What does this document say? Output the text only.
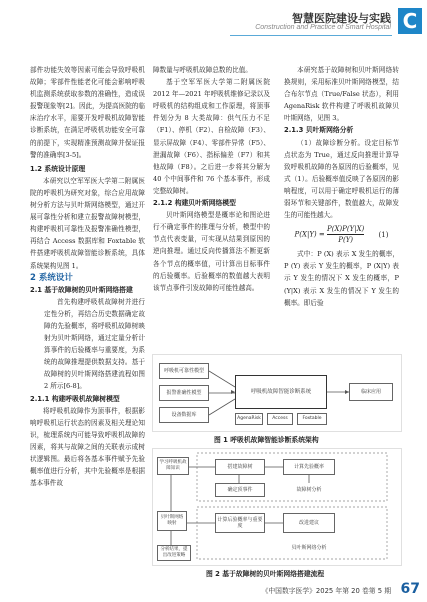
智慧医院建设与实践
Construction and Practice of Smart Hospital C

部件功能失效等因素可能会导致呼吸机故障；零部件性能老化可能会影响呼吸机监测系统获取参数的准确性，造成误报警现象等[2]。因此，为提高医院的临床治疗水平，需要开发呼吸机故障智能诊断系统，在满足呼吸机功能安全可靠的前提下，实现精准预测故障并保证报警的准确率[3-5]。

1.2 系统设计原理

本研究以空军军医大学第二附属医院的呼吸机为研究对象，综合应用故障树分析方法与贝叶斯网络模型，通过开展可靠性分析和建立报警故障树模型，构建呼吸机可靠性及报警准确性模型，再结合 Access 数据库和 Foxtable 软件搭建呼吸机故障智能诊断系统，具体系统架构见图 1。

2 系统设计

2.1 基于故障树的贝叶斯网络搭建

首先构建呼吸机故障树并进行定性分析，再结合历史数据确定故障的先验概率，将呼吸机故障树映射为贝叶斯网络，通过定量分析计算事件的后验概率与重要度，为系统的故障推理提供数据支持。基于故障树的贝叶斯网络搭建流程如图 2 所示[6-8]。

2.1.1 构建呼吸机故障树模型

将呼吸机故障作为顶事件，根据影响呼吸机运行状态的因素及相关理论知识，梳理系统内可能导致呼吸机故障的因素，将其与故障之间的关联表示成树状逻辑图。最后将各基本事件赋予先验概率值进行分析，其中先验概率是根据基本事件故

障数量与呼吸机故障总数的比值。

基于空军军医大学第二附属医院 2012 年—2021 年呼吸机维修记录以及呼吸机的结构组成和工作原理，将顶事件划分为 8 大类故障：供气压力不足（F1）、停机（F2）、自检故障（F3）、显示屏故障（F4）、零部件异常（F5）、泄漏故障（F6）、指标偏差（F7）和其他故障（F8）。之后进一步将其分解为 40 个中间事件和 76 个基本事件，形成完整故障树。

2.1.2 构建贝叶斯网络模型

贝叶斯网络模型是概率论和图论进行不确定事件的推理与分析，模型中的节点代表变量，可实现从结果到原因的逆向推理。通过反向传播算法不断更新各个节点的概率值，可计算出目标事件的后验概率。后验概率的数值越大表明该节点事件引发故障的可能性越高。

本研究基于故障树和贝叶斯网络转换规则，采用标准贝叶斯网络模型，结合布尔节点（True/False 状态），利用 AgenaRisk 软件构建了呼吸机故障贝叶斯网络，见图 3。

2.1.3 贝叶斯网络分析

（1）故障诊断分析。设定目标节点状态为 True，通过反向推理计算导致呼吸机故障的各原因的后验概率，见式（1）。后验概率值反映了各原因的影响程度，可以用于确定呼吸机运行的薄弱环节和关键部件，数值越大，故障发生的可能性越大。

$P(X|Y) = \frac{P(X)P(Y|X)}{P(Y)} (1)$

式中：P (X) 表示 X 发生的概率，P (Y) 表示 Y 发生的概率，P (X|Y) 表示 Y 发生的情况下 X 发生的概率，P (Y|X) 表示 X 发生的情况下 Y 发生的概率。即后验

呼吸机可靠性模型
报警准确性模型
设备数据库
呼吸机故障智能诊断系统	临床应用
AgenaRisk	Access	Foxtable
图 1 呼吸机故障智能诊断系统架构
学习呼吸机故障知识	搭建故障树	计算先验概率
故障树分析
确定顶事件
贝叶斯网络映射
计算后验概率与重要度
改进建议
分析结果，提出改进策略
贝叶斯网络分析
图 2 基于故障树的贝叶斯网络搭建流程
《中国数字医学》2025 年第 20 卷第 5 期 67
